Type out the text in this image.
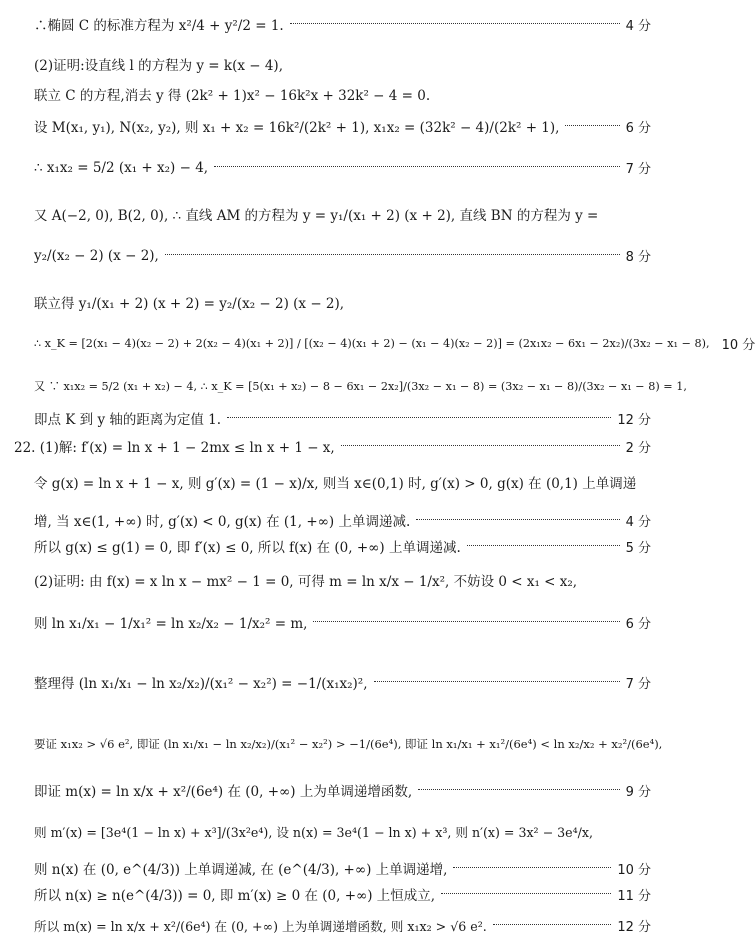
∴椭圆 C 的标准方程为 x²/4 + y²/2 = 1.	4 分
(2)证明:设直线 l 的方程为 y = k(x − 4),
联立 C 的方程,消去 y 得 (2k² + 1)x² − 16k²x + 32k² − 4 = 0.
设 M(x₁, y₁), N(x₂, y₂), 则 x₁ + x₂ = 16k²/(2k² + 1), x₁x₂ = (32k² − 4)/(2k² + 1),	6 分
∴ x₁x₂ = 5/2 (x₁ + x₂) − 4,	7 分
又 A(−2, 0), B(2, 0), ∴ 直线 AM 的方程为 y = y₁/(x₁ + 2) (x + 2), 直线 BN 的方程为 y =
y₂/(x₂ − 2) (x − 2),	8 分
联立得 y₁/(x₁ + 2) (x + 2) = y₂/(x₂ − 2) (x − 2),
∴ x_K = [2(x₁ − 4)(x₂ − 2) + 2(x₂ − 4)(x₁ + 2)] / [(x₂ − 4)(x₁ + 2) − (x₁ − 4)(x₂ − 2)] = (2x₁x₂ − 6x₁ − 2x₂)/(3x₂ − x₁ − 8), 10 分
又 ∵ x₁x₂ = 5/2 (x₁ + x₂) − 4, ∴ x_K = [5(x₁ + x₂) − 8 − 6x₁ − 2x₂]/(3x₂ − x₁ − 8) = (3x₂ − x₁ − 8)/(3x₂ − x₁ − 8) = 1,
即点 K 到 y 轴的距离为定值 1.	12 分
22. (1)解: f′(x) = ln x + 1 − 2mx ≤ ln x + 1 − x,	2 分
令 g(x) = ln x + 1 − x, 则 g′(x) = (1 − x)/x, 则当 x∈(0,1) 时, g′(x) > 0, g(x) 在 (0,1) 上单调递
增, 当 x∈(1, +∞) 时, g′(x) < 0, g(x) 在 (1, +∞) 上单调递减.	4 分
所以 g(x) ≤ g(1) = 0, 即 f′(x) ≤ 0, 所以 f(x) 在 (0, +∞) 上单调递减.	5 分
(2)证明: 由 f(x) = x ln x − mx² − 1 = 0, 可得 m = ln x/x − 1/x², 不妨设 0 < x₁ < x₂,
则 ln x₁/x₁ − 1/x₁² = ln x₂/x₂ − 1/x₂² = m,	6 分
整理得 (ln x₁/x₁ − ln x₂/x₂)/(x₁² − x₂²) = −1/(x₁x₂)²,	7 分
要证 x₁x₂ > √6 e², 即证 (ln x₁/x₁ − ln x₂/x₂)/(x₁² − x₂²) > −1/(6e⁴), 即证 ln x₁/x₁ + x₁²/(6e⁴) < ln x₂/x₂ + x₂²/(6e⁴),
即证 m(x) = ln x/x + x²/(6e⁴) 在 (0, +∞) 上为单调递增函数,	9 分
则 m′(x) = [3e⁴(1 − ln x) + x³]/(3x²e⁴), 设 n(x) = 3e⁴(1 − ln x) + x³, 则 n′(x) = 3x² − 3e⁴/x,
则 n(x) 在 (0, e^(4/3)) 上单调递减, 在 (e^(4/3), +∞) 上单调递增,	10 分
所以 n(x) ≥ n(e^(4/3)) = 0, 即 m′(x) ≥ 0 在 (0, +∞) 上恒成立,	11 分
所以 m(x) = ln x/x + x²/(6e⁴) 在 (0, +∞) 上为单调递增函数, 则 x₁x₂ > √6 e².	12 分
